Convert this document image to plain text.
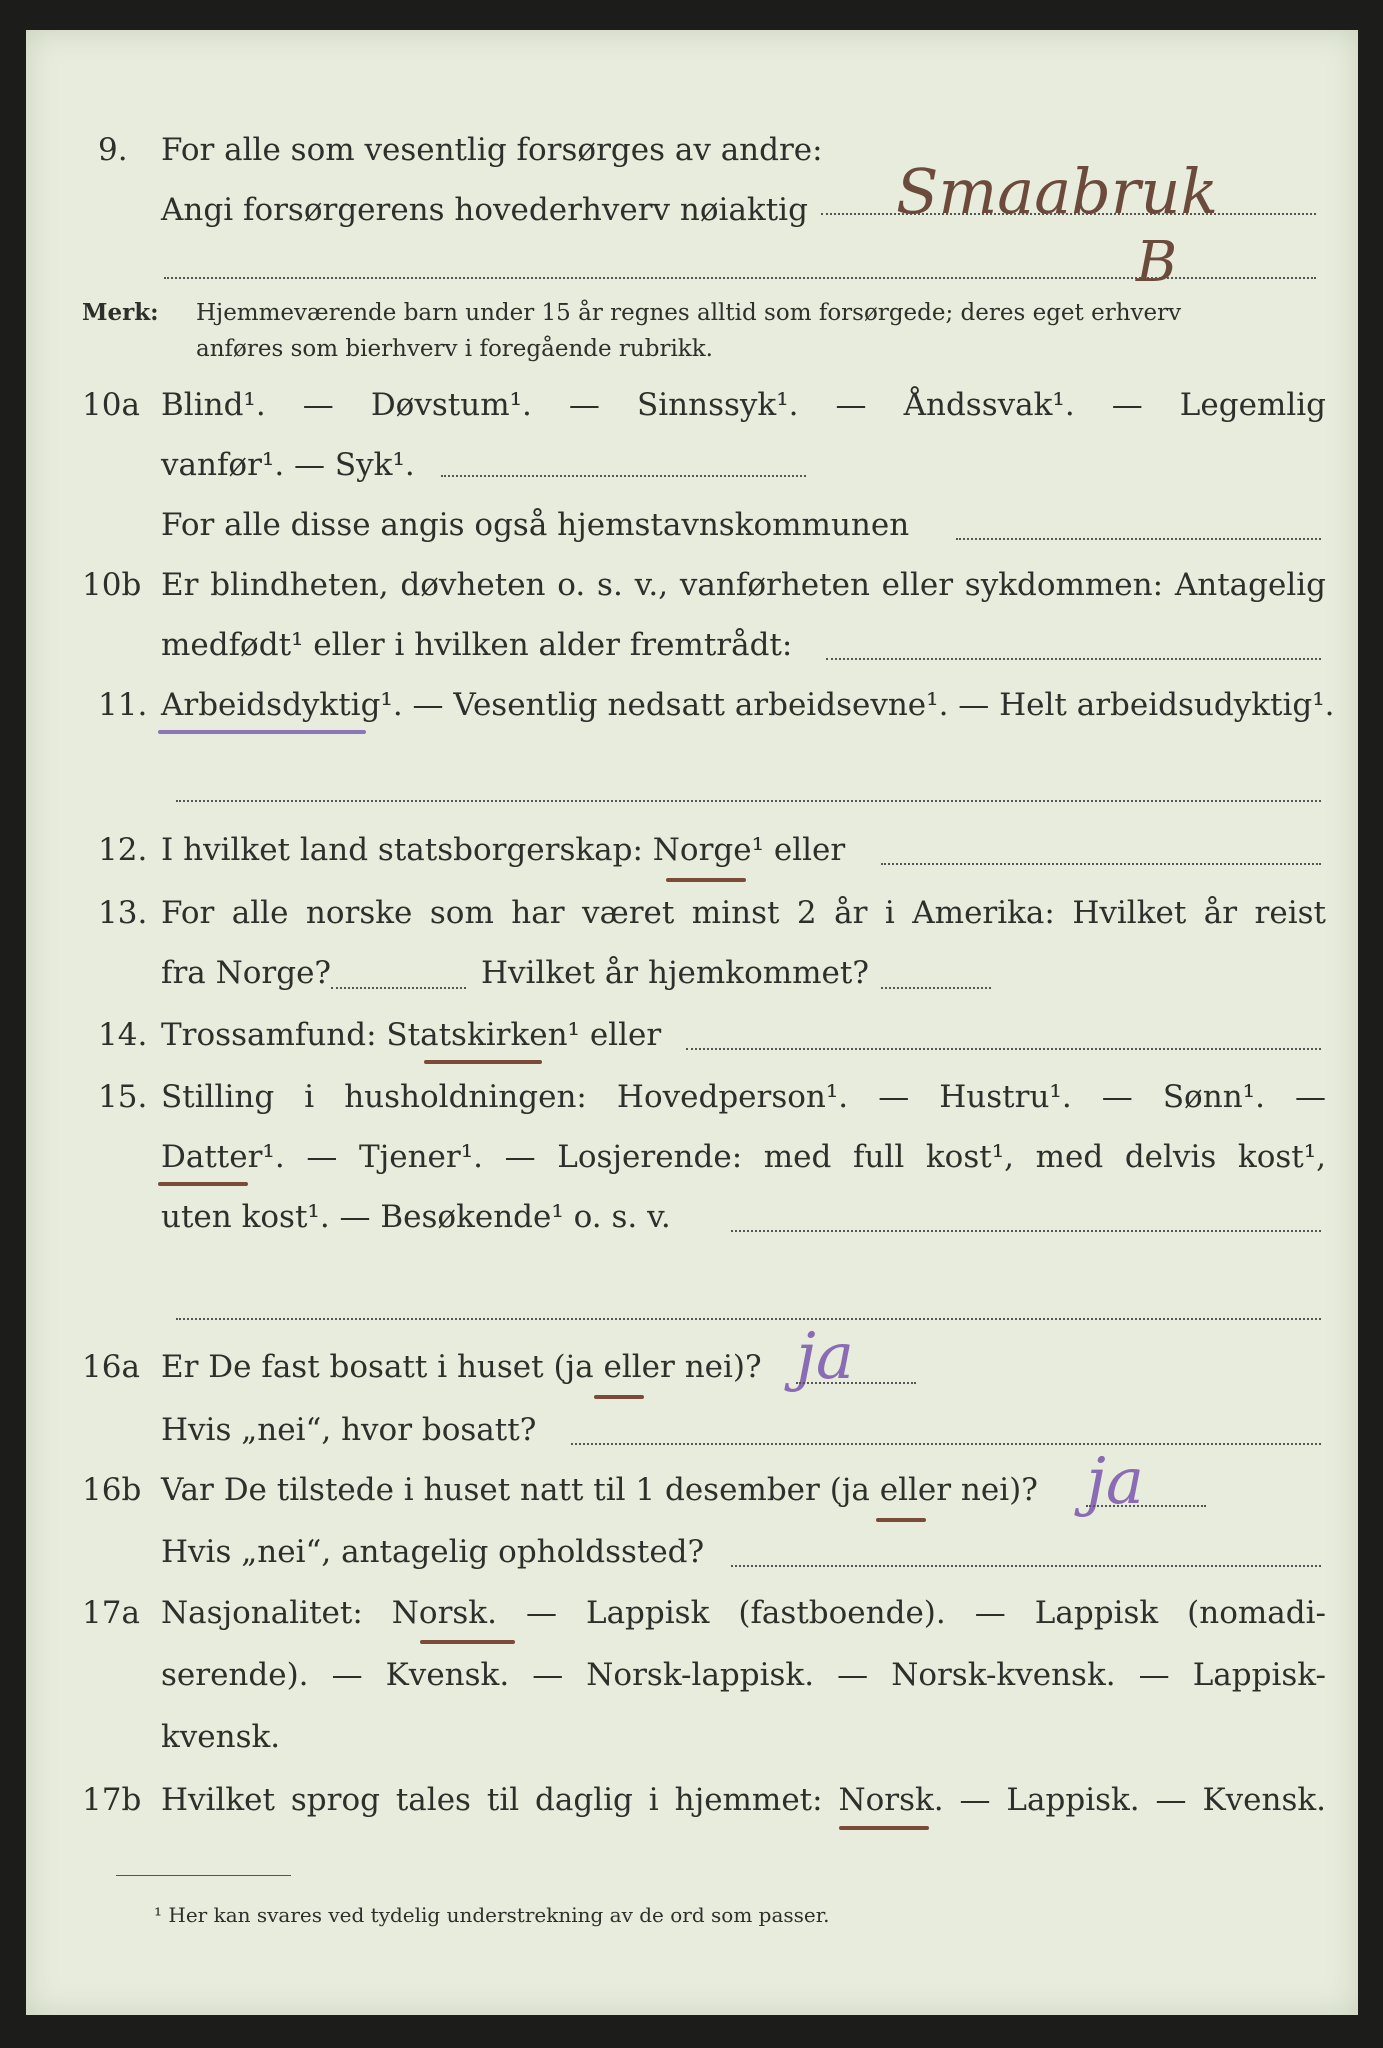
9. For alle som vesentlig forsørges av andre:
Angi forsørgerens hovederhverv nøiaktig Smaabruk
B
Merk: Hjemmeværende barn under 15 år regnes alltid som forsørgede; deres eget erhverv
anføres som bierhverv i foregående rubrikk.
10a Blind¹. — Døvstum¹. — Sinnssyk¹. — Åndssvak¹. — Legemlig
vanfør¹. — Syk¹.
For alle disse angis også hjemstavnskommunen
10b Er blindheten, døvheten o. s. v., vanførheten eller sykdommen: Antagelig
medfødt¹ eller i hvilken alder fremtrådt:
11. Arbeidsdyktig¹. — Vesentlig nedsatt arbeidsevne¹. — Helt arbeidsudyktig¹.
12. I hvilket land statsborgerskap: Norge¹ eller
13. For alle norske som har været minst 2 år i Amerika: Hvilket år reist
fra Norge?	Hvilket år hjemkommet?
14. Trossamfund: Statskirken¹ eller
15. Stilling i husholdningen: Hovedperson¹. — Hustru¹. — Sønn¹. —
Datter¹. — Tjener¹. — Losjerende: med full kost¹, med delvis kost¹,
uten kost¹. — Besøkende¹ o. s. v.
16a Er De fast bosatt i huset (ja eller nei)? ja
Hvis „nei“, hvor bosatt?
16b Var De tilstede i huset natt til 1 desember (ja eller nei)? ja
Hvis „nei“, antagelig opholdssted?
17a Nasjonalitet: Norsk. — Lappisk (fastboende). — Lappisk (nomadi-
serende). — Kvensk. — Norsk-lappisk. — Norsk-kvensk. — Lappisk-
kvensk.
17b Hvilket sprog tales til daglig i hjemmet: Norsk. — Lappisk. — Kvensk.
¹ Her kan svares ved tydelig understrekning av de ord som passer.
